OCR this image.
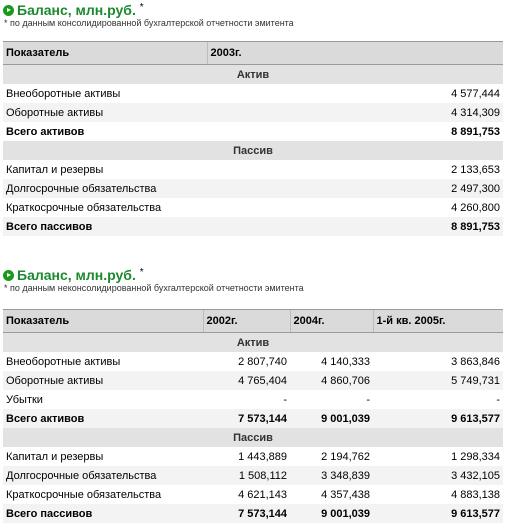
Баланс, млн.руб. *
* по данным консолидированной бухгалтерской отчетности эмитента
Показатель	2003г.
Актив	
Внеоборотные активы	4 577,444
Оборотные активы	4 314,309
Всего активов	8 891,753
Пассив	
Капитал и резервы	2 133,653
Долгосрочные обязательства	2 497,300
Краткосрочные обязательства	4 260,800
Всего пассивов	8 891,753
Баланс, млн.руб. *
* по данным неконсолидированной бухгалтерской отчетности эмитента
Показатель	2002г.	2004г.	1-й кв. 2005г.
Актив			
Внеоборотные активы	2 807,740	4 140,333	3 863,846
Оборотные активы	4 765,404	4 860,706	5 749,731
Убытки	-	-	-
Всего активов	7 573,144	9 001,039	9 613,577
Пассив			
Капитал и резервы	1 443,889	2 194,762	1 298,334
Долгосрочные обязательства	1 508,112	3 348,839	3 432,105
Краткосрочные обязательства	4 621,143	4 357,438	4 883,138
Всего пассивов	7 573,144	9 001,039	9 613,577
